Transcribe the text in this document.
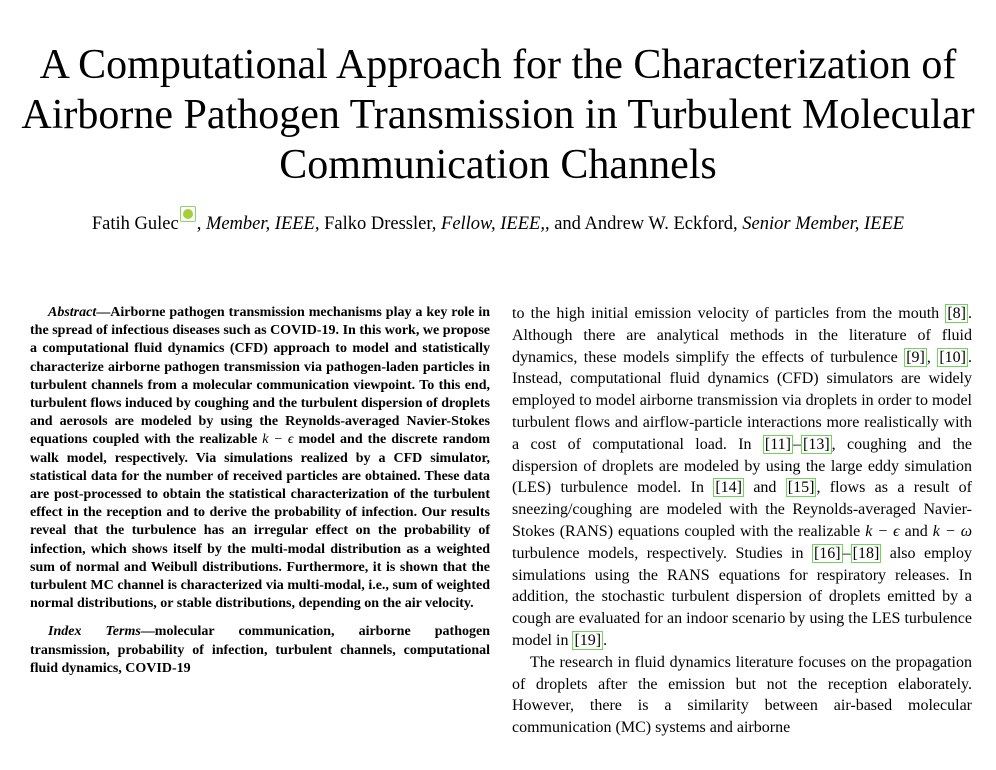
A Computational Approach for the Characterization of Airborne Pathogen Transmission in Turbulent Molecular Communication Channels
Fatih Gulec , Member, IEEE, Falko Dressler, Fellow, IEEE,, and Andrew W. Eckford, Senior Member, IEEE

Abstract—Airborne pathogen transmission mechanisms play a key role in the spread of infectious diseases such as COVID-19. In this work, we propose a computational fluid dynamics (CFD) approach to model and statistically characterize airborne pathogen transmission via pathogen-laden particles in turbulent channels from a molecular communication viewpoint. To this end, turbulent flows induced by coughing and the turbulent dispersion of droplets and aerosols are modeled by using the Reynolds-averaged Navier-Stokes equations coupled with the realizable k − ϵ model and the discrete random walk model, respectively. Via simulations realized by a CFD simulator, statistical data for the number of received particles are obtained. These data are post-processed to obtain the statistical characterization of the turbulent effect in the reception and to derive the probability of infection. Our results reveal that the turbulence has an irregular effect on the probability of infection, which shows itself by the multi-modal distribution as a weighted sum of normal and Weibull distributions. Furthermore, it is shown that the turbulent MC channel is characterized via multi-modal, i.e., sum of weighted normal distributions, or stable distributions, depending on the air velocity.

Index Terms—molecular communication, airborne pathogen transmission, probability of infection, turbulent channels, computational fluid dynamics, COVID-19

to the high initial emission velocity of particles from the mouth [8] . Although there are analytical methods in the literature of fluid dynamics, these models simplify the effects of turbulence [9] , [10] . Instead, computational fluid dynamics (CFD) simulators are widely employed to model airborne transmission via droplets in order to model turbulent flows and airflow-particle interactions more realistically with a cost of computational load. In [11] – [13] , coughing and the dispersion of droplets are modeled by using the large eddy simulation (LES) turbulence model. In [14] and [15] , flows as a result of sneezing/coughing are modeled with the Reynolds-averaged Navier-Stokes (RANS) equations coupled with the realizable k − ϵ and k − ω turbulence models, respectively. Studies in [16] – [18] also employ simulations using the RANS equations for respiratory releases. In addition, the stochastic turbulent dispersion of droplets emitted by a cough are evaluated for an indoor scenario by using the LES turbulence model in [19] .

The research in fluid dynamics literature focuses on the propagation of droplets after the emission but not the reception elaborately. However, there is a similarity between air-based molecular communication (MC) systems and airborne
